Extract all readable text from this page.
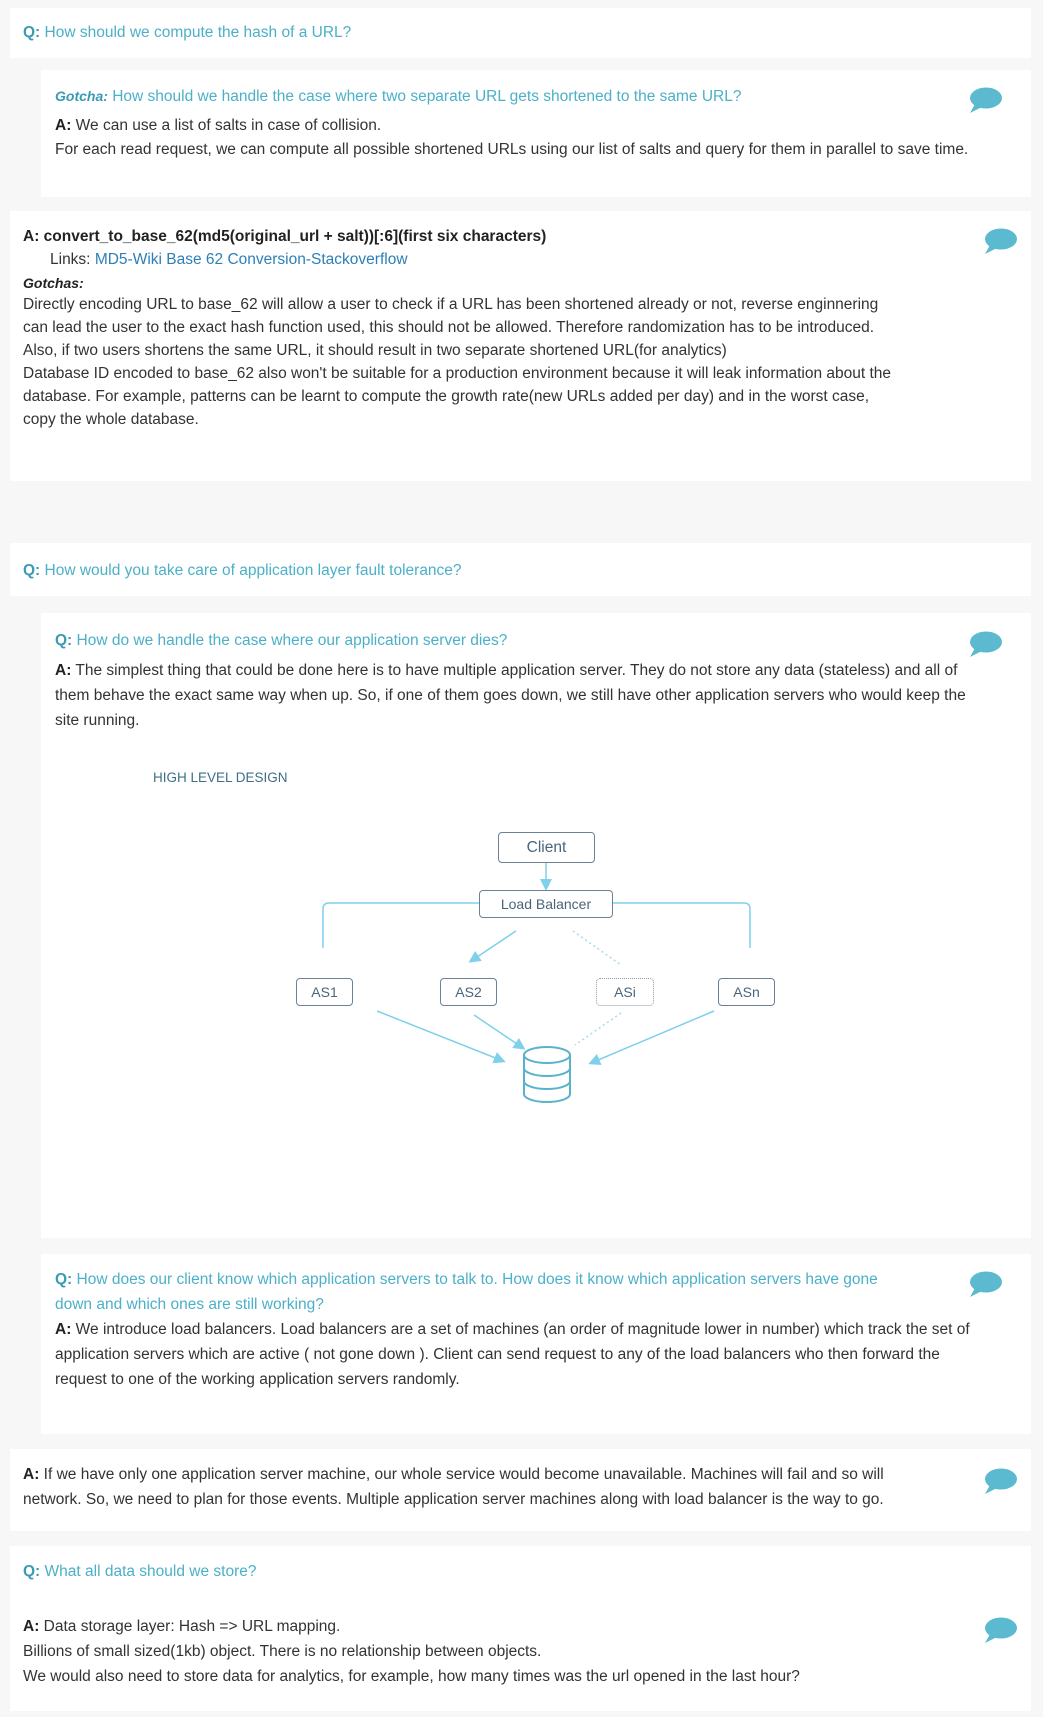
Q: How should we compute the hash of a URL?
Gotcha: How should we handle the case where two separate URL gets shortened to the same URL?
A: We can use a list of salts in case of collision.
For each read request, we can compute all possible shortened URLs using our list of salts and query for them in parallel to save time.
A: convert_to_base_62(md5(original_url + salt))[:6](first six characters)
Links: MD5-Wiki Base 62 Conversion-Stackoverflow
Gotchas:
Directly encoding URL to base_62 will allow a user to check if a URL has been shortened already or not, reverse enginnering
can lead the user to the exact hash function used, this should not be allowed. Therefore randomization has to be introduced.
Also, if two users shortens the same URL, it should result in two separate shortened URL(for analytics)
Database ID encoded to base_62 also won't be suitable for a production environment because it will leak information about the
database. For example, patterns can be learnt to compute the growth rate(new URLs added per day) and in the worst case,
copy the whole database.
Q: How would you take care of application layer fault tolerance?
Q: How do we handle the case where our application server dies?
A: The simplest thing that could be done here is to have multiple application server. They do not store any data (stateless) and all of
them behave the exact same way when up. So, if one of them goes down, we still have other application servers who would keep the
site running.
HIGH LEVEL DESIGN
Client
Load Balancer
AS1	AS2	ASi	ASn
Q: How does our client know which application servers to talk to. How does it know which application servers have gone
down and which ones are still working?
A: We introduce load balancers. Load balancers are a set of machines (an order of magnitude lower in number) which track the set of
application servers which are active ( not gone down ). Client can send request to any of the load balancers who then forward the
request to one of the working application servers randomly.
A: If we have only one application server machine, our whole service would become unavailable. Machines will fail and so will
network. So, we need to plan for those events. Multiple application server machines along with load balancer is the way to go.
Q: What all data should we store?
A: Data storage layer: Hash => URL mapping.
Billions of small sized(1kb) object. There is no relationship between objects.
We would also need to store data for analytics, for example, how many times was the url opened in the last hour?
